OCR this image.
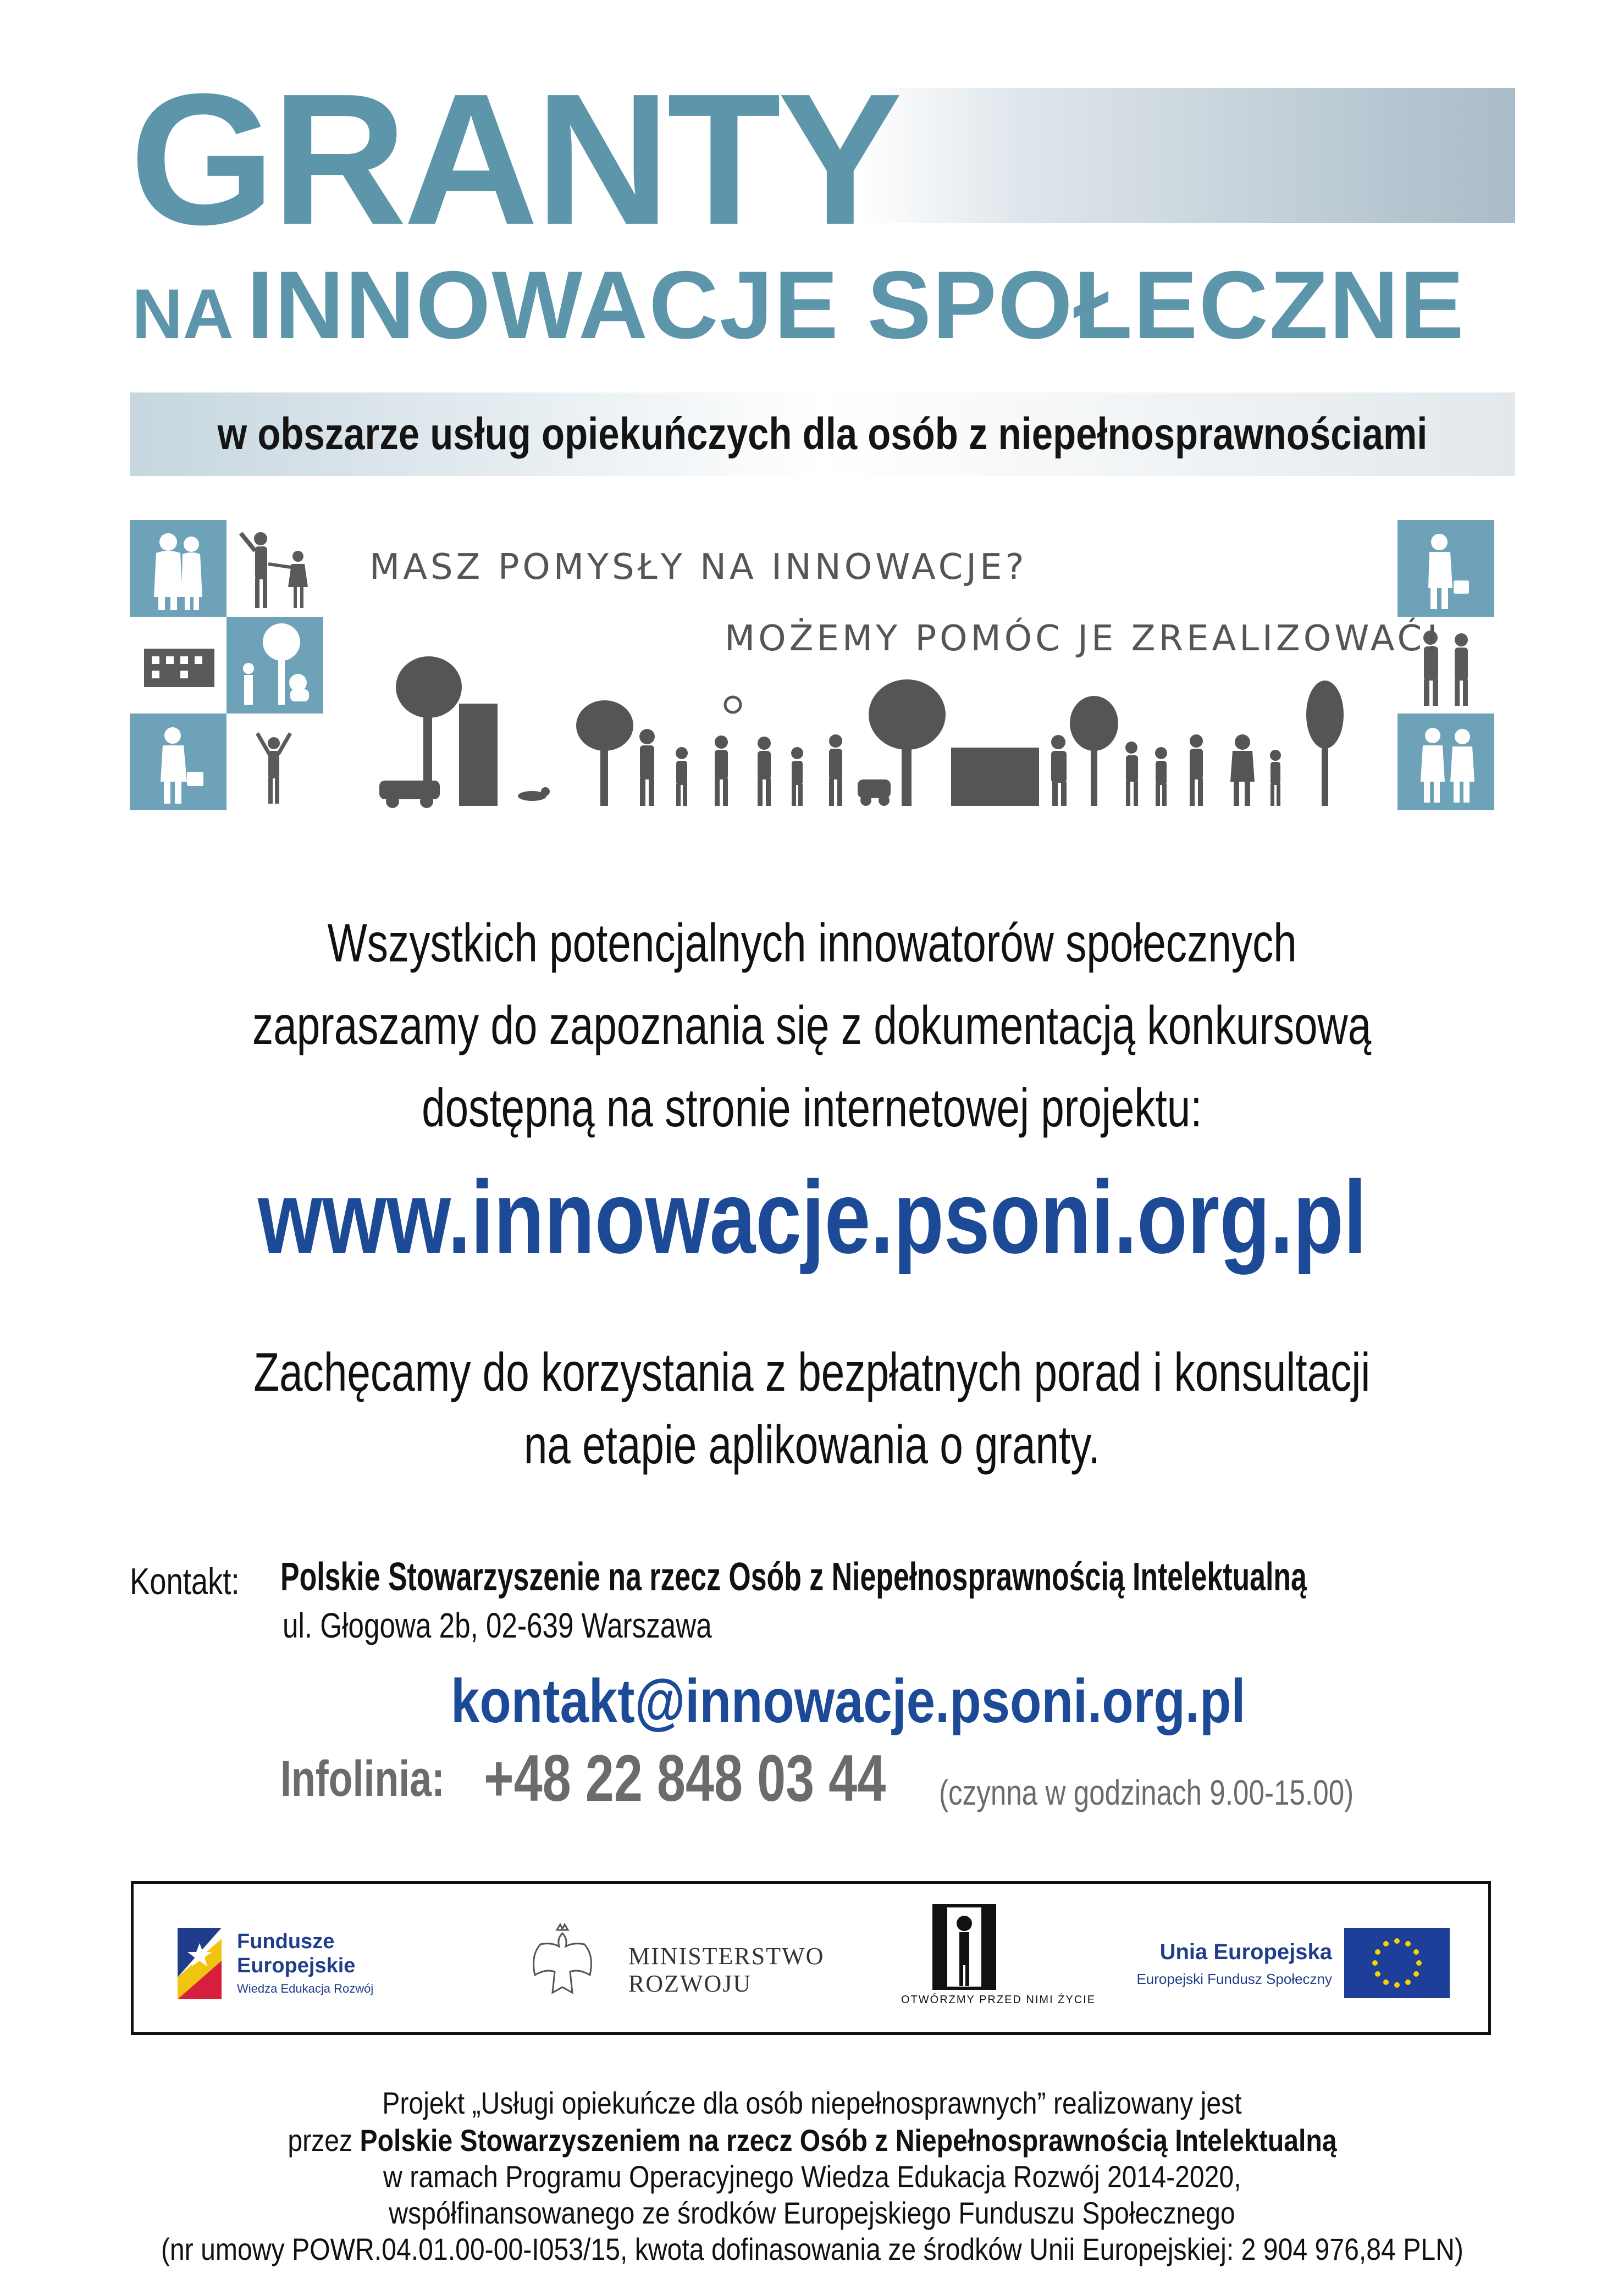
GRANTY
NA INNOWACJE SPOŁECZNE
w obszarze usług opiekuńczych dla osób z niepełnosprawnościami
MASZ POMYSŁY NA INNOWACJE?
MOŻEMY POMÓC JE ZREALIZOWAĆ!
Wszystkich potencjalnych innowatorów społecznych
zapraszamy do zapoznania się z dokumentacją konkursową
dostępną na stronie internetowej projektu:
www.innowacje.psoni.org.pl
Zachęcamy do korzystania z bezpłatnych porad i konsultacji
na etapie aplikowania o granty.
Kontakt:	Polskie Stowarzyszenie na rzecz Osób z Niepełnosprawnością Intelektualną
ul. Głogowa 2b, 02-639 Warszawa
kontakt@innowacje.psoni.org.pl
Infolinia: +48 22 848 03 44	(czynna w godzinach 9.00-15.00)
Fundusze
Europejskie
Wiedza Edukacja Rozwój
MINISTERSTWO
ROZWOJU
OTWÓRZMY PRZED NIMI ŻYCIE
Unia Europejska
Europejski Fundusz Społeczny
Projekt „Usługi opiekuńcze dla osób niepełnosprawnych” realizowany jest
przez Polskie Stowarzyszeniem na rzecz Osób z Niepełnosprawnością Intelektualną
w ramach Programu Operacyjnego Wiedza Edukacja Rozwój 2014-2020,
współfinansowanego ze środków Europejskiego Funduszu Społecznego
(nr umowy POWR.04.01.00-00-I053/15, kwota dofinasowania ze środków Unii Europejskiej: 2 904 976,84 PLN)
